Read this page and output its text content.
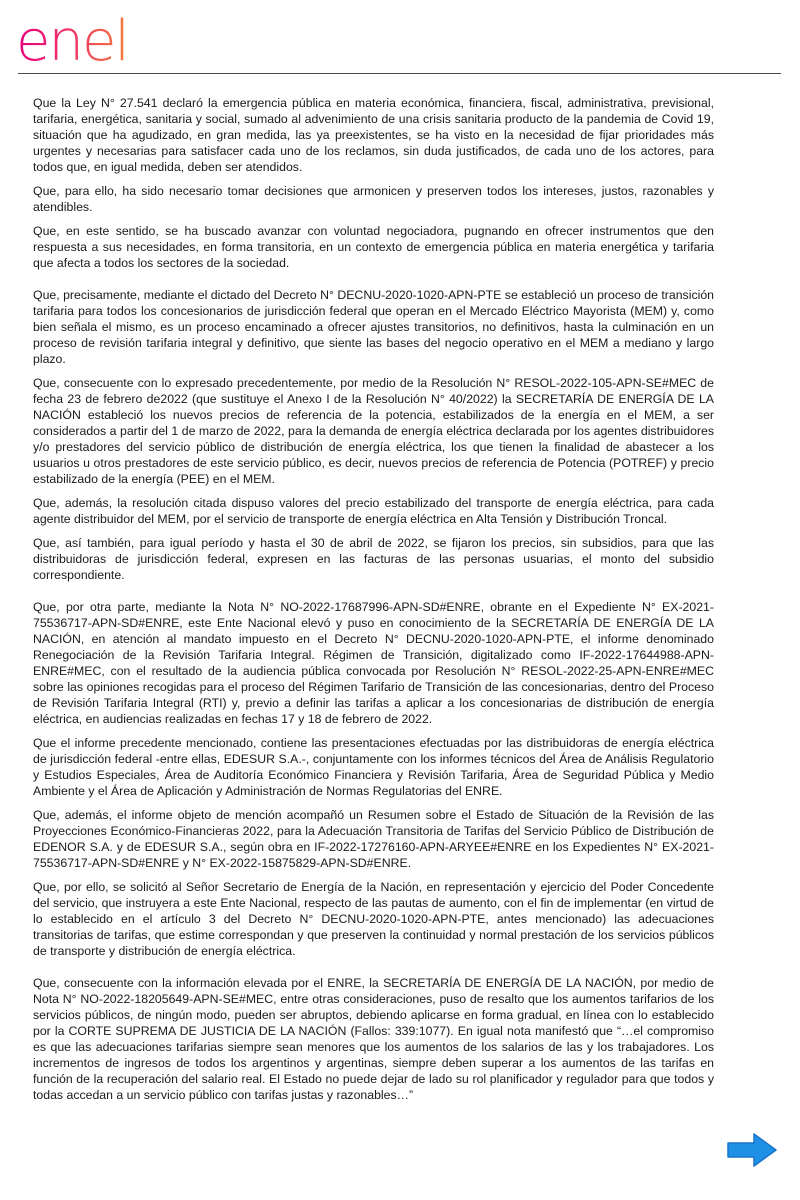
enel

Que la Ley N° 27.541 declaró la emergencia pública en materia económica, financiera, fiscal, administrativa, previsional, tarifaria, energética, sanitaria y social, sumado al advenimiento de una crisis sanitaria producto de la pandemia de Covid 19, situación que ha agudizado, en gran medida, las ya preexistentes, se ha visto en la necesidad de fijar prioridades más urgentes y necesarias para satisfacer cada uno de los reclamos, sin duda justificados, de cada uno de los actores, para todos que, en igual medida, deben ser atendidos.

Que, para ello, ha sido necesario tomar decisiones que armonicen y preserven todos los intereses, justos, razonables y atendibles.

Que, en este sentido, se ha buscado avanzar con voluntad negociadora, pugnando en ofrecer instrumentos que den respuesta a sus necesidades, en forma transitoria, en un contexto de emergencia pública en materia energética y tarifaria que afecta a todos los sectores de la sociedad.

Que, precisamente, mediante el dictado del Decreto N° DECNU-2020-1020-APN-PTE se estableció un proceso de transición tarifaria para todos los concesionarios de jurisdicción federal que operan en el Mercado Eléctrico Mayorista (MEM) y, como bien señala el mismo, es un proceso encaminado a ofrecer ajustes transitorios, no definitivos, hasta la culminación en un proceso de revisión tarifaria integral y definitivo, que siente las bases del negocio operativo en el MEM a mediano y largo plazo.

Que, consecuente con lo expresado precedentemente, por medio de la Resolución N° RESOL-2022-105-APN-SE#MEC de fecha 23 de febrero de2022 (que sustituye el Anexo I de la Resolución N° 40/2022) la SECRETARÍA DE ENERGÍA DE LA NACIÓN estableció los nuevos precios de referencia de la potencia, estabilizados de la energía en el MEM, a ser considerados a partir del 1 de marzo de 2022, para la demanda de energía eléctrica declarada por los agentes distribuidores y/o prestadores del servicio público de distribución de energía eléctrica, los que tienen la finalidad de abastecer a los usuarios u otros prestadores de este servicio público, es decir, nuevos precios de referencia de Potencia (POTREF) y precio estabilizado de la energía (PEE) en el MEM.

Que, además, la resolución citada dispuso valores del precio estabilizado del transporte de energía eléctrica, para cada agente distribuidor del MEM, por el servicio de transporte de energía eléctrica en Alta Tensión y Distribución Troncal.

Que, así también, para igual período y hasta el 30 de abril de 2022, se fijaron los precios, sin subsidios, para que las distribuidoras de jurisdicción federal, expresen en las facturas de las personas usuarias, el monto del subsidio correspondiente.

Que, por otra parte, mediante la Nota N° NO-2022-17687996-APN-SD#ENRE, obrante en el Expediente N° EX-2021-75536717-APN-SD#ENRE, este Ente Nacional elevó y puso en conocimiento de la SECRETARÍA DE ENERGÍA DE LA NACIÓN, en atención al mandato impuesto en el Decreto N° DECNU-2020-1020-APN-PTE, el informe denominado Renegociación de la Revisión Tarifaria Integral. Régimen de Transición, digitalizado como IF-2022-17644988-APN-ENRE#MEC, con el resultado de la audiencia pública convocada por Resolución N° RESOL-2022-25-APN-ENRE#MEC sobre las opiniones recogidas para el proceso del Régimen Tarifario de Transición de las concesionarias, dentro del Proceso de Revisión Tarifaria Integral (RTI) y, previo a definir las tarifas a aplicar a los concesionarias de distribución de energía eléctrica, en audiencias realizadas en fechas 17 y 18 de febrero de 2022.

Que el informe precedente mencionado, contiene las presentaciones efectuadas por las distribuidoras de energía eléctrica de jurisdicción federal -entre ellas, EDESUR S.A.-, conjuntamente con los informes técnicos del Área de Análisis Regulatorio y Estudios Especiales, Área de Auditoría Económico Financiera y Revisión Tarifaria, Área de Seguridad Pública y Medio Ambiente y el Área de Aplicación y Administración de Normas Regulatorias del ENRE.

Que, además, el informe objeto de mención acompañó un Resumen sobre el Estado de Situación de la Revisión de las Proyecciones Económico-Financieras 2022, para la Adecuación Transitoria de Tarifas del Servicio Público de Distribución de EDENOR S.A. y de EDESUR S.A., según obra en IF-2022-17276160-APN-ARYEE#ENRE en los Expedientes N° EX-2021-75536717-APN-SD#ENRE y N° EX-2022-15875829-APN-SD#ENRE.

Que, por ello, se solicitó al Señor Secretario de Energía de la Nación, en representación y ejercicio del Poder Concedente del servicio, que instruyera a este Ente Nacional, respecto de las pautas de aumento, con el fin de implementar (en virtud de lo establecido en el artículo 3 del Decreto N° DECNU-2020-1020-APN-PTE, antes mencionado) las adecuaciones transitorias de tarifas, que estime correspondan y que preserven la continuidad y normal prestación de los servicios públicos de transporte y distribución de energía eléctrica.

Que, consecuente con la información elevada por el ENRE, la SECRETARÍA DE ENERGÍA DE LA NACIÓN, por medio de Nota N° NO-2022-18205649-APN-SE#MEC, entre otras consideraciones, puso de resalto que los aumentos tarifarios de los servicios públicos, de ningún modo, pueden ser abruptos, debiendo aplicarse en forma gradual, en línea con lo establecido por la CORTE SUPREMA DE JUSTICIA DE LA NACIÓN (Fallos: 339:1077). En igual nota manifestó que “…el compromiso es que las adecuaciones tarifarias siempre sean menores que los aumentos de los salarios de las y los trabajadores. Los incrementos de ingresos de todos los argentinos y argentinas, siempre deben superar a los aumentos de las tarifas en función de la recuperación del salario real. El Estado no puede dejar de lado su rol planificador y regulador para que todos y todas accedan a un servicio público con tarifas justas y razonables…”
